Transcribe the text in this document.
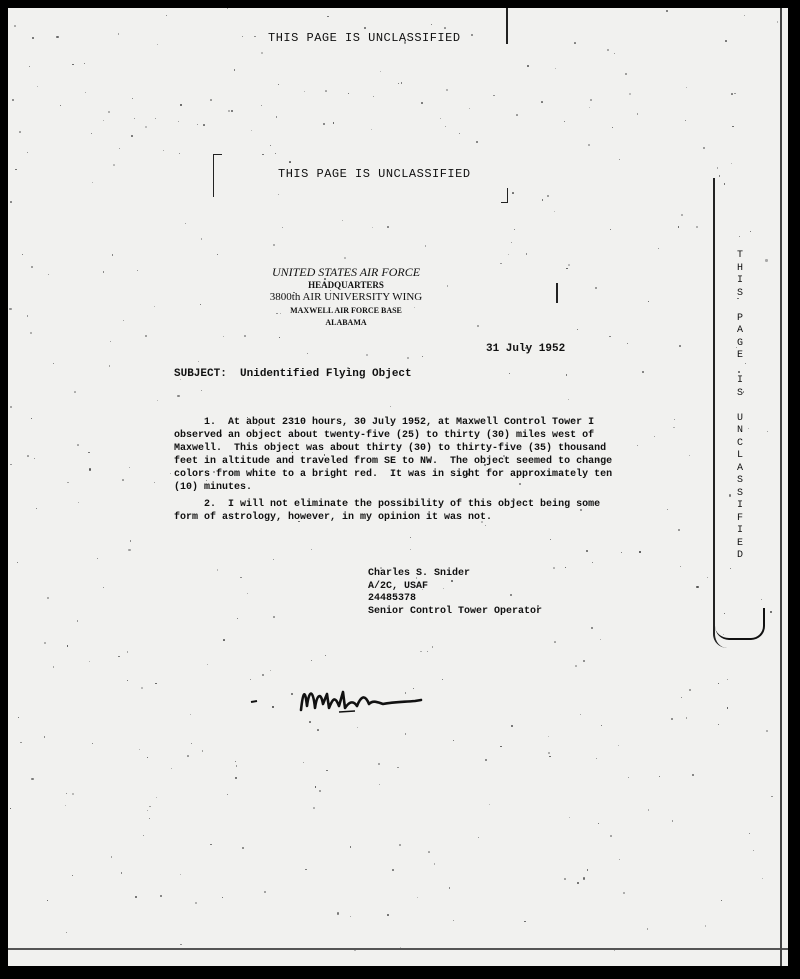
THIS PAGE IS UNCLASSIFIED
THIS PAGE IS UNCLASSIFIED
UNITED STATES AIR FORCE
HEADQUARTERS
3800th AIR UNIVERSITY WING
MAXWELL AIR FORCE BASE
ALABAMA
31 July 1952
SUBJECT:  Unidentified Flying Object

1.  At about 2310 hours, 30 July 1952, at Maxwell Control Tower I
observed an object about twenty-five (25) to thirty (30) miles west of
Maxwell.  This object was about thirty (30) to thirty-five (35) thousand
feet in altitude and traveled from SE to NW.  The object seemed to change
colors from white to a bright red.  It was in sight for approximately ten
(10) minutes.

2.  I will not eliminate the possibility of this object being some
form of astrology, however, in my opinion it was not.

Charles S. Snider
A/2C, USAF
24485378
Senior Control Tower Operator
T
H
I
S

P
A
G
E

I
S

U
N
C
L
A
S
S
I
F
I
E
D
